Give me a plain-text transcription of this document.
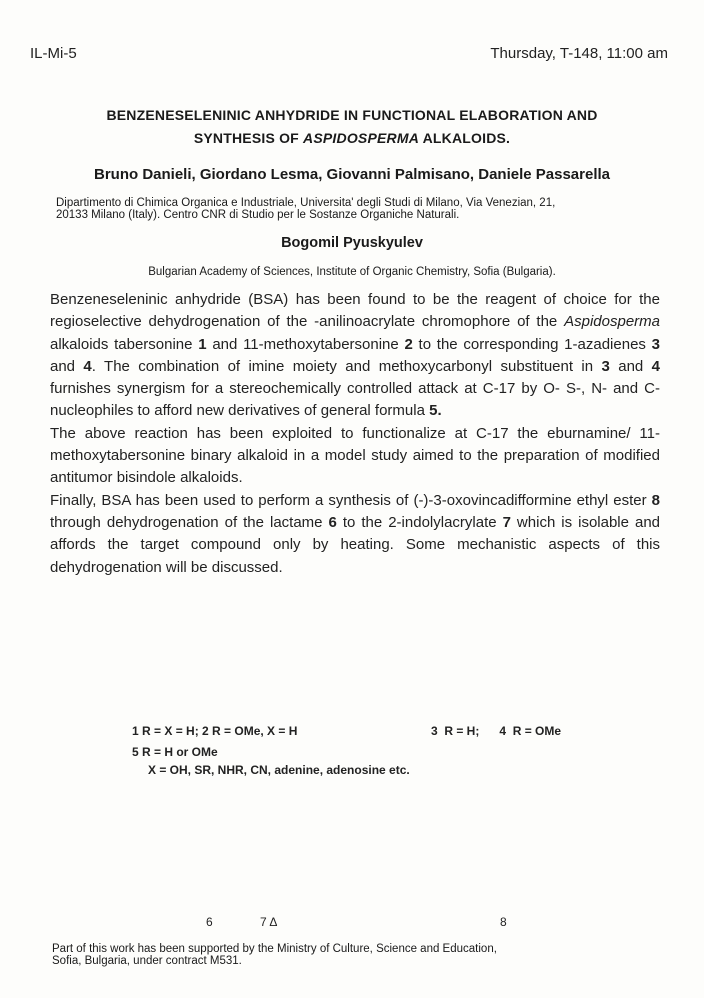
IL-Mi-5	Thursday, T-148, 11:00 am
BENZENESELENINIC ANHYDRIDE IN FUNCTIONAL ELABORATION AND
SYNTHESIS OF ASPIDOSPERMA ALKALOIDS.
Bruno Danieli, Giordano Lesma, Giovanni Palmisano, Daniele Passarella
Dipartimento di Chimica Organica e Industriale, Universita' degli Studi di Milano, Via Venezian, 21,
20133 Milano (Italy). Centro CNR di Studio per le Sostanze Organiche Naturali.
Bogomil Pyuskyulev
Bulgarian Academy of Sciences, Institute of Organic Chemistry, Sofia (Bulgaria).

Benzeneseleninic anhydride (BSA) has been found to be the reagent of choice for the regioselective dehydrogenation of the -anilinoacrylate chromophore of the Aspidosperma alkaloids tabersonine 1 and 11-methoxytabersonine 2 to the corresponding 1-azadienes 3 and 4. The combination of imine moiety and methoxycarbonyl substituent in 3 and 4 furnishes synergism for a stereochemically controlled attack at C-17 by O- S-, N- and C-nucleophiles to afford new derivatives of general formula 5.

The above reaction has been exploited to functionalize at C-17 the eburnamine/ 11-methoxytabersonine binary alkaloid in a model study aimed to the preparation of modified antitumor bisindole alkaloids.

Finally, BSA has been used to perform a synthesis of (-)-3-oxovincadifformine ethyl ester 8 through dehydrogenation of the lactame 6 to the 2-indolylacrylate 7 which is isolable and affords the target compound only by heating. Some mechanistic aspects of this dehydrogenation will be discussed.

1 R = X = H; 2 R = OMe, X = H	3  R = H;      4  R = OMe
5 R = H or OMe
X = OH, SR, NHR, CN, adenine, adenosine etc.
6	7 Δ	8
Part of this work has been supported by the Ministry of Culture, Science and Education,
Sofia, Bulgaria, under contract M531.
